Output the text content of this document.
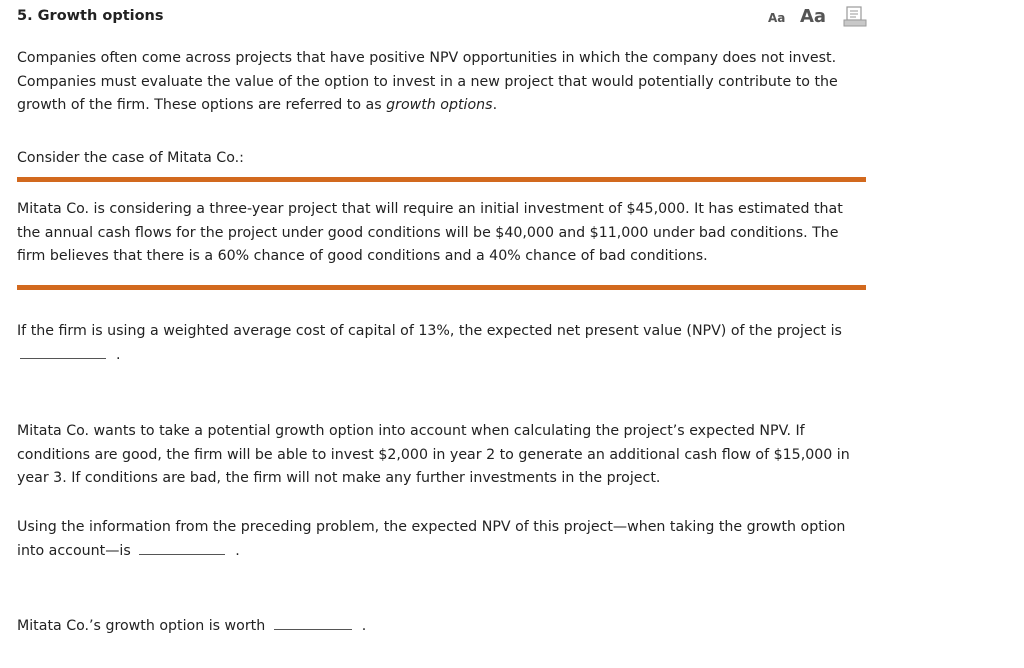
5. Growth options	Aa Aa

Companies often come across projects that have positive NPV opportunities in which the company does not invest. Companies must evaluate the value of the option to invest in a new project that would potentially contribute to the growth of the firm. These options are referred to as growth options.

Consider the case of Mitata Co.:

Mitata Co. is considering a three-year project that will require an initial investment of $45,000. It has estimated that the annual cash flows for the project under good conditions will be $40,000 and $11,000 under bad conditions. The firm believes that there is a 60% chance of good conditions and a 40% chance of bad conditions.

If the firm is using a weighted average cost of capital of 13%, the expected net present value (NPV) of the project is
.

Mitata Co. wants to take a potential growth option into account when calculating the project’s expected NPV. If conditions are good, the firm will be able to invest $2,000 in year 2 to generate an additional cash flow of $15,000 in year 3. If conditions are bad, the firm will not make any further investments in the project.

Using the information from the preceding problem, the expected NPV of this project—when taking the growth option into account—is	.

Mitata Co.’s growth option is worth	.
